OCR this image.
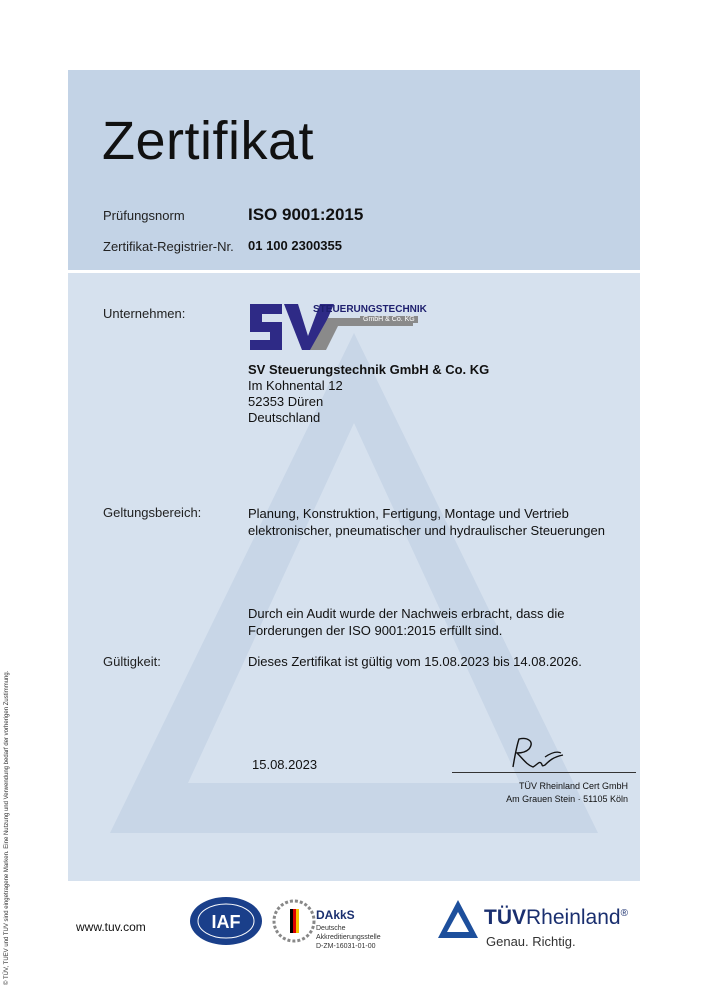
Zertifikat
Prüfungsnorm	ISO 9001:2015
Zertifikat-Registrier-Nr. 01 100 2300355
Unternehmen:	STEUERUNGSTECHNIK
GmbH & Co. KG
SV Steuerungstechnik GmbH & Co. KG
Im Kohnental 12
52353 Düren
Deutschland
Geltungsbereich:	Planung, Konstruktion, Fertigung, Montage und Vertrieb
elektronischer, pneumatischer und hydraulischer Steuerungen
Durch ein Audit wurde der Nachweis erbracht, dass die
Forderungen der ISO 9001:2015 erfüllt sind.
Gültigkeit:	Dieses Zertifikat ist gültig vom 15.08.2023 bis 14.08.2026.
15.08.2023
TÜV Rheinland Cert GmbH
Am Grauen Stein · 51105 Köln
© TÜV, TUEV und TUV sind eingetragene Marken. Eine Nutzung und Verwendung bedarf der vorherigen Zustimmung.	www.tuv.com	IAF	DAkkS
Deutsche
Akkreditierungsstelle
D-ZM-16031-01-00
TÜVRheinland®
Genau. Richtig.
